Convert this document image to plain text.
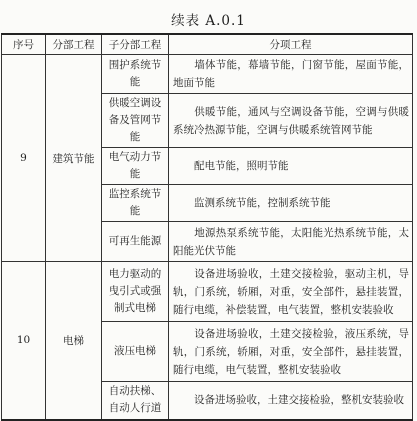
续表 A.0.1
序号	分部工程	子分部工程	分项工程
9	建筑节能	围护系统节能	墙体节能，幕墙节能，门窗节能，屋面节能，地面节能
		供暖空调设备及管网节能	供暖节能，通风与空调设备节能，空调与供暖系统冷热源节能，空调与供暖系统管网节能
		电气动力节能	配电节能，照明节能
		监控系统节能	监测系统节能，控制系统节能
		可再生能源	地源热泵系统节能，太阳能光热系统节能，太阳能光伏节能
10	电梯	电力驱动的曳引式或强制式电梯	设备进场验收，土建交接检验，驱动主机，导轨，门系统，轿厢，对重，安全部件，悬挂装置，随行电缆，补偿装置，电气装置，整机安装验收
		液压电梯	设备进场验收，土建交接检验，液压系统，导轨，门系统，轿厢，对重，安全部件，悬挂装置，随行电缆，电气装置，整机安装验收
		自动扶梯、自动人行道	设备进场验收，土建交接检验，整机安装验收
